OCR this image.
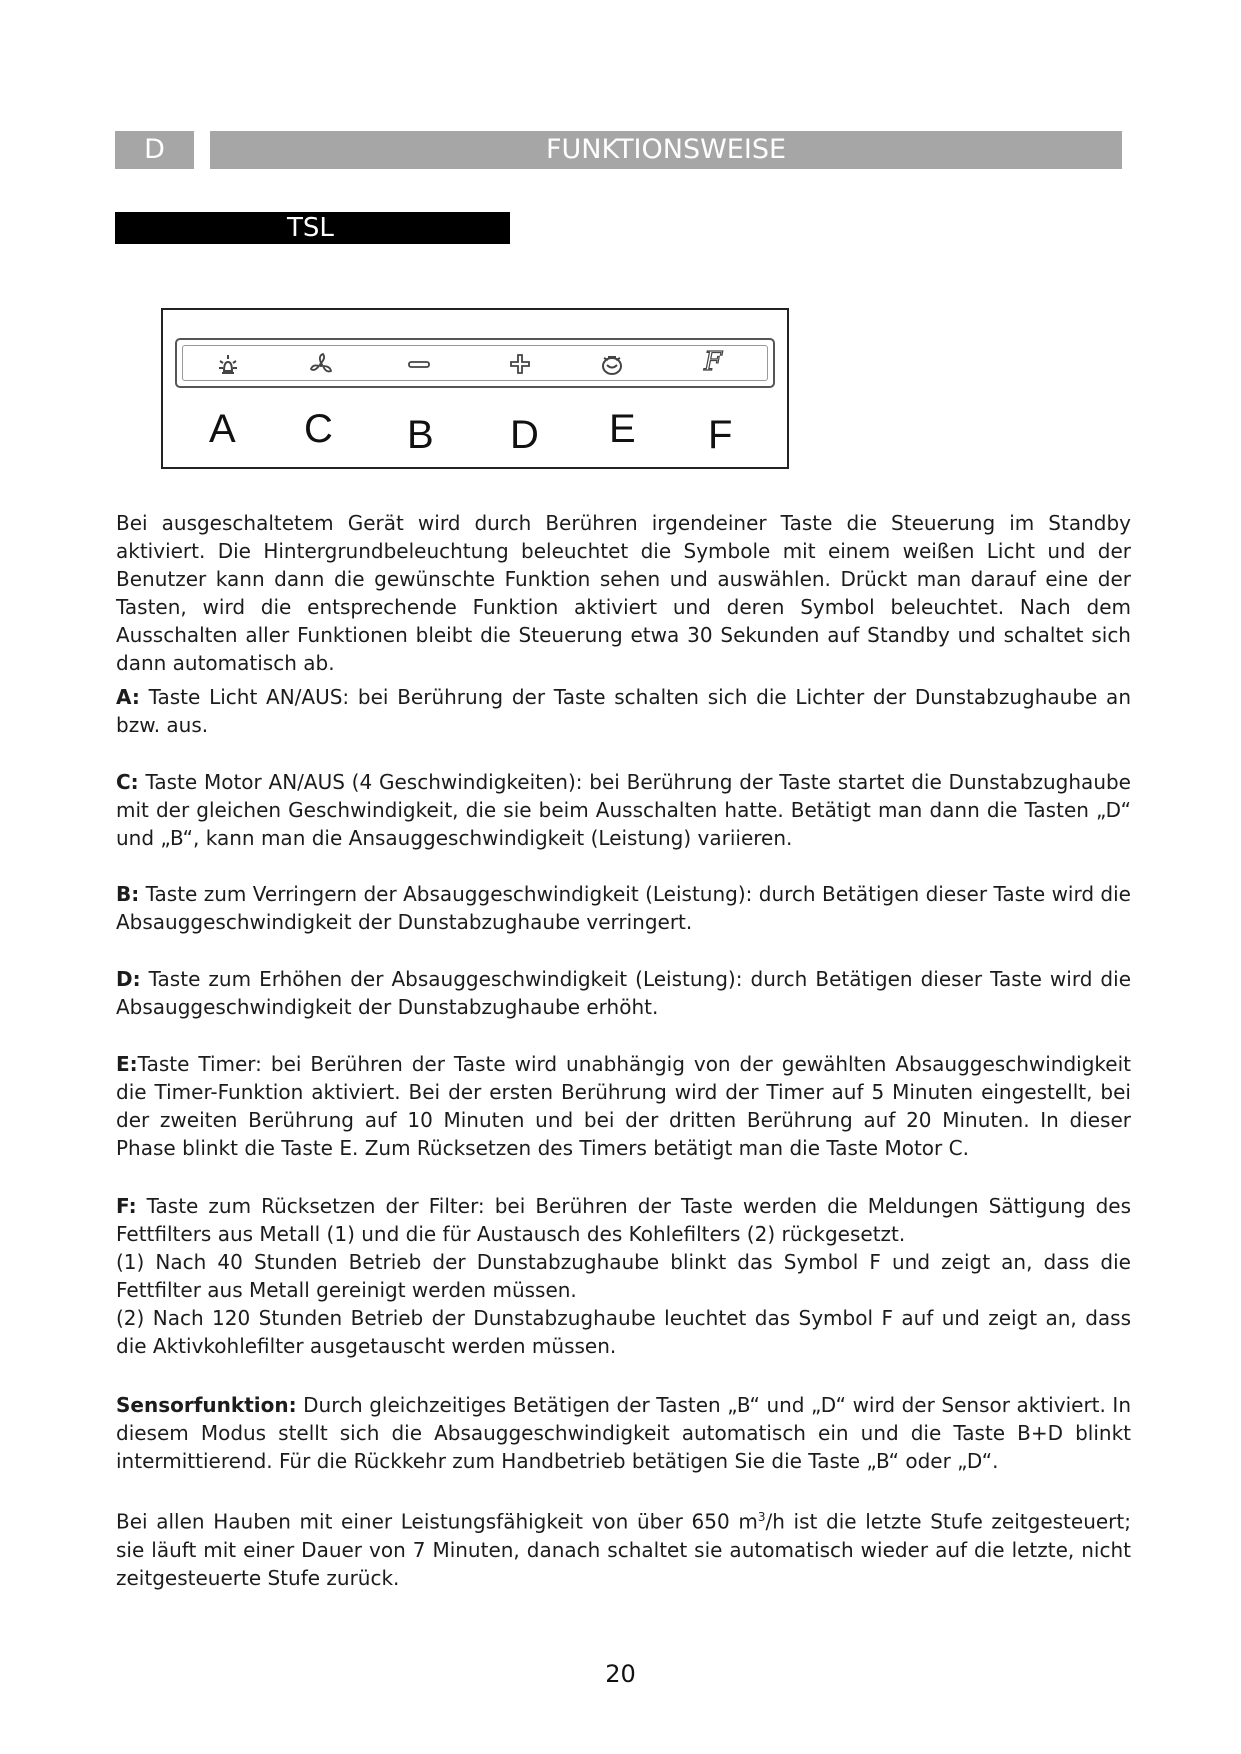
D	FUNKTIONSWEISE
TSL
F
A C B D E F

Bei ausgeschaltetem Gerät wird durch Berühren irgendeiner Taste die Steuerung im Standby aktiviert. Die Hintergrundbeleuchtung beleuchtet die Symbole mit einem weißen Licht und der Benutzer kann dann die gewünschte Funktion sehen und auswählen. Drückt man darauf eine der Tasten, wird die entsprechende Funktion aktiviert und deren Symbol beleuchtet. Nach dem Ausschalten aller Funktionen bleibt die Steuerung etwa 30 Sekunden auf Standby und schaltet sich dann automatisch ab.

A: Taste Licht AN/AUS: bei Berührung der Taste schalten sich die Lichter der Dunstabzughaube an bzw. aus.

C: Taste Motor AN/AUS (4 Geschwindigkeiten): bei Berührung der Taste startet die Dunstabzughaube mit der gleichen Geschwindigkeit, die sie beim Ausschalten hatte. Betätigt man dann die Tasten „D“ und „B“, kann man die Ansauggeschwindigkeit (Leistung) variieren.

B: Taste zum Verringern der Absauggeschwindigkeit (Leistung): durch Betätigen dieser Taste wird die Absauggeschwindigkeit der Dunstabzughaube verringert.

D: Taste zum Erhöhen der Absauggeschwindigkeit (Leistung): durch Betätigen dieser Taste wird die Absauggeschwindigkeit der Dunstabzughaube erhöht.

E:Taste Timer: bei Berühren der Taste wird unabhängig von der gewählten Absauggeschwindigkeit die Timer-Funktion aktiviert. Bei der ersten Berührung wird der Timer auf 5 Minuten eingestellt, bei der zweiten Berührung auf 10 Minuten und bei der dritten Berührung auf 20 Minuten. In dieser Phase blinkt die Taste E. Zum Rücksetzen des Timers betätigt man die Taste Motor C.

F: Taste zum Rücksetzen der Filter: bei Berühren der Taste werden die Meldungen Sättigung des Fettfilters aus Metall (1) und die für Austausch des Kohlefilters (2) rückgesetzt.

(1) Nach 40 Stunden Betrieb der Dunstabzughaube blinkt das Symbol F und zeigt an, dass die Fettfilter aus Metall gereinigt werden müssen.

(2) Nach 120 Stunden Betrieb der Dunstabzughaube leuchtet das Symbol F auf und zeigt an, dass die Aktivkohlefilter ausgetauscht werden müssen.

Sensorfunktion: Durch gleichzeitiges Betätigen der Tasten „B“ und „D“ wird der Sensor aktiviert. In diesem Modus stellt sich die Absauggeschwindigkeit automatisch ein und die Taste B+D blinkt intermittierend. Für die Rückkehr zum Handbetrieb betätigen Sie die Taste „B“ oder „D“.

Bei allen Hauben mit einer Leistungsfähigkeit von über 650 $m^3/h$ ist die letzte Stufe zeitgesteuert; sie läuft mit einer Dauer von 7 Minuten, danach schaltet sie automatisch wieder auf die letzte, nicht zeitgesteuerte Stufe zurück.

20
